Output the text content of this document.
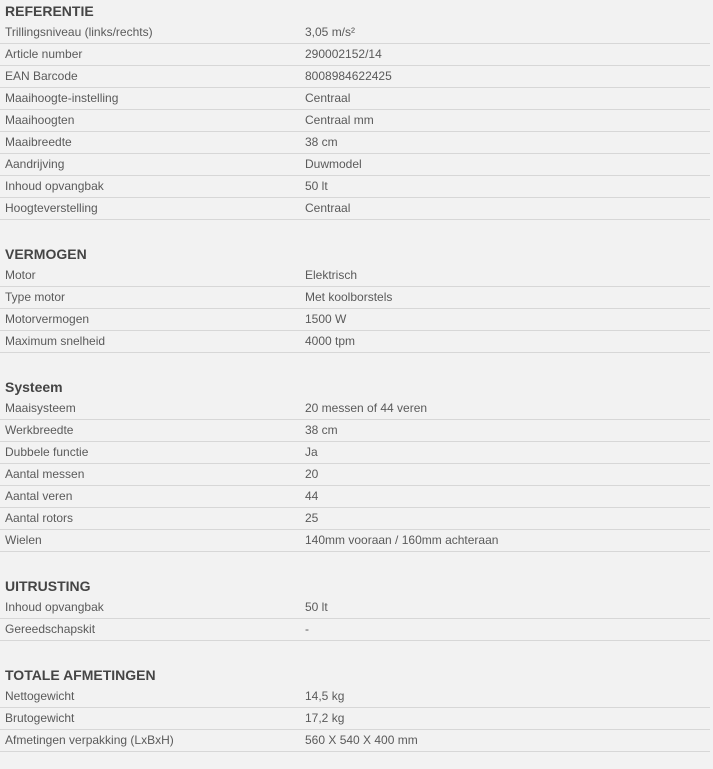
REFERENTIE
Trillingsniveau (links/rechts)	3,05 m/s²
Article number	290002152/14
EAN Barcode	8008984622425
Maaihoogte-instelling	Centraal
Maaihoogten	Centraal mm
Maaibreedte	38 cm
Aandrijving	Duwmodel
Inhoud opvangbak	50 lt
Hoogteverstelling	Centraal
VERMOGEN
Motor	Elektrisch
Type motor	Met koolborstels
Motorvermogen	1500 W
Maximum snelheid	4000 tpm
Systeem
Maaisysteem	20 messen of 44 veren
Werkbreedte	38 cm
Dubbele functie	Ja
Aantal messen	20
Aantal veren	44
Aantal rotors	25
Wielen	140mm vooraan / 160mm achteraan
UITRUSTING
Inhoud opvangbak	50 lt
Gereedschapskit	-
TOTALE AFMETINGEN
Nettogewicht	14,5 kg
Brutogewicht	17,2 kg
Afmetingen verpakking (LxBxH)	560 X 540 X 400 mm
